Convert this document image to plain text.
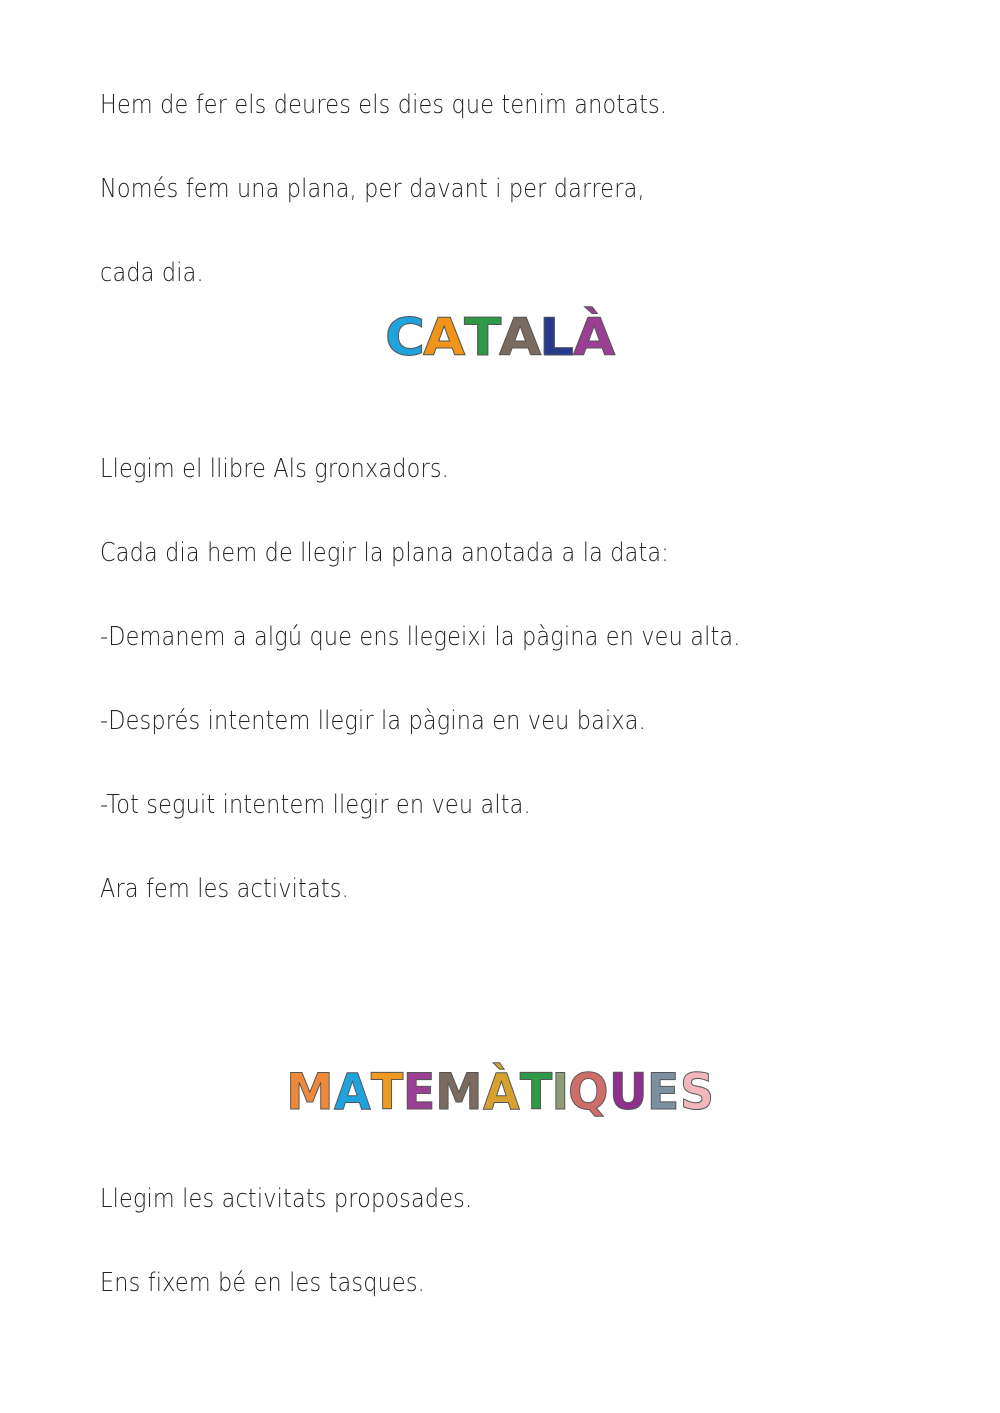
Hem de fer els deures els dies que tenim anotats.
Només fem una plana, per davant i per darrera,
cada dia.
CATALÀ
Llegim el llibre Als gronxadors.
Cada dia hem de llegir la plana anotada a la data:
-Demanem a algú que ens llegeixi la pàgina en veu alta.
-Després intentem llegir la pàgina en veu baixa.
-Tot seguit intentem llegir en veu alta.
Ara fem les activitats.
MATEMÀTIQUES
Llegim les activitats proposades.
Ens fixem bé en les tasques.
